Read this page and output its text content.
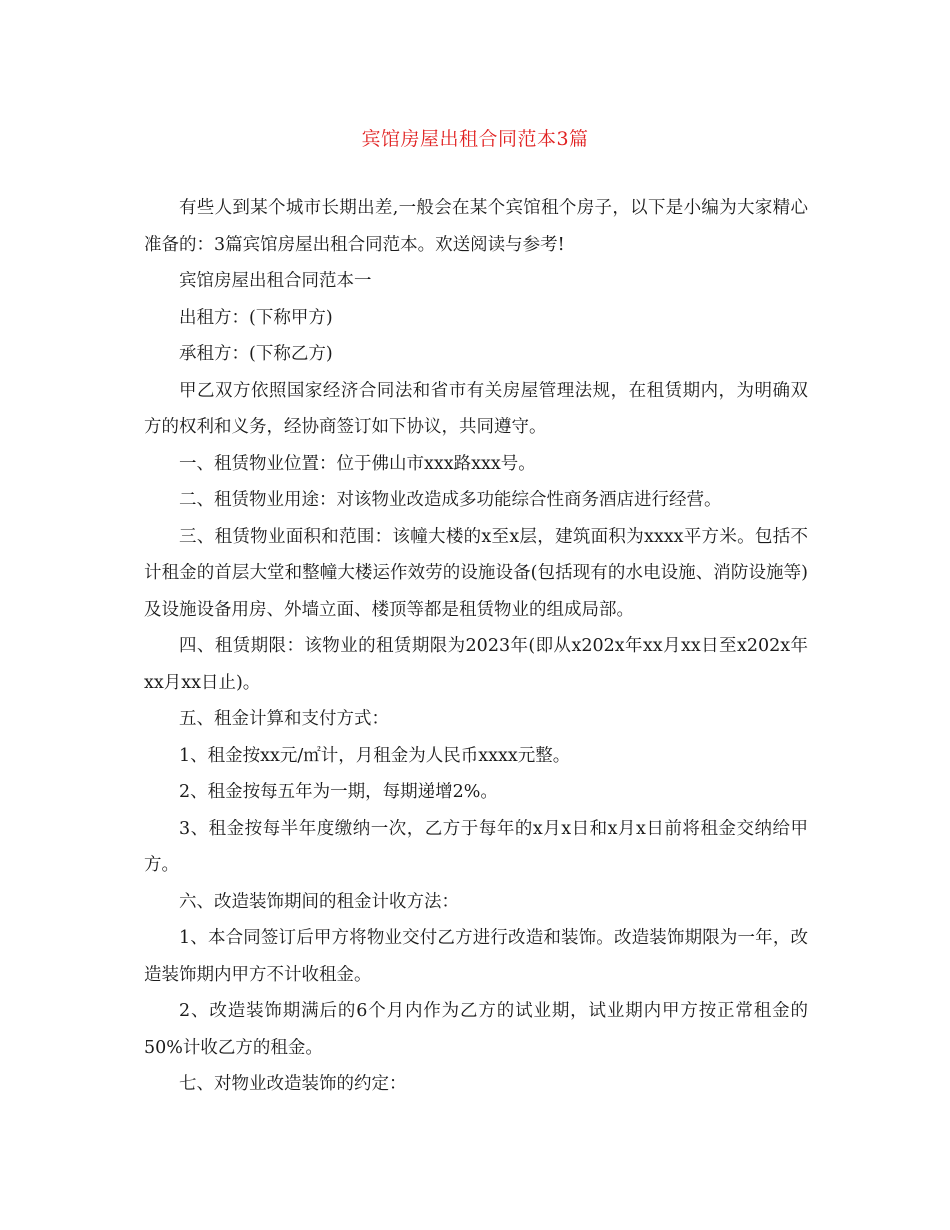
宾馆房屋出租合同范本3篇

有些人到某个城市长期出差,一般会在某个宾馆租个房子，以下是小编为大家精心准备的：3篇宾馆房屋出租合同范本。欢送阅读与参考!

宾馆房屋出租合同范本一

出租方：(下称甲方)

承租方：(下称乙方)

甲乙双方依照国家经济合同法和省市有关房屋管理法规，在租赁期内，为明确双方的权利和义务，经协商签订如下协议，共同遵守。

一、租赁物业位置：位于佛山市xxx路xxx号。

二、租赁物业用途：对该物业改造成多功能综合性商务酒店进行经营。

三、租赁物业面积和范围：该幢大楼的x至x层，建筑面积为xxxx平方米。包括不计租金的首层大堂和整幢大楼运作效劳的设施设备(包括现有的水电设施、消防设施等)及设施设备用房、外墙立面、楼顶等都是租赁物业的组成局部。

四、租赁期限：该物业的租赁期限为2023年(即从x202x年xx月xx日至x202x年xx月xx日止)。

五、租金计算和支付方式：

1、租金按xx元/㎡计，月租金为人民币xxxx元整。

2、租金按每五年为一期，每期递增2%。

3、租金按每半年度缴纳一次，乙方于每年的x月x日和x月x日前将租金交纳给甲方。

六、改造装饰期间的租金计收方法：

1、本合同签订后甲方将物业交付乙方进行改造和装饰。改造装饰期限为一年，改造装饰期内甲方不计收租金。

2、改造装饰期满后的6个月内作为乙方的试业期，试业期内甲方按正常租金的50%计收乙方的租金。

七、对物业改造装饰的约定：
